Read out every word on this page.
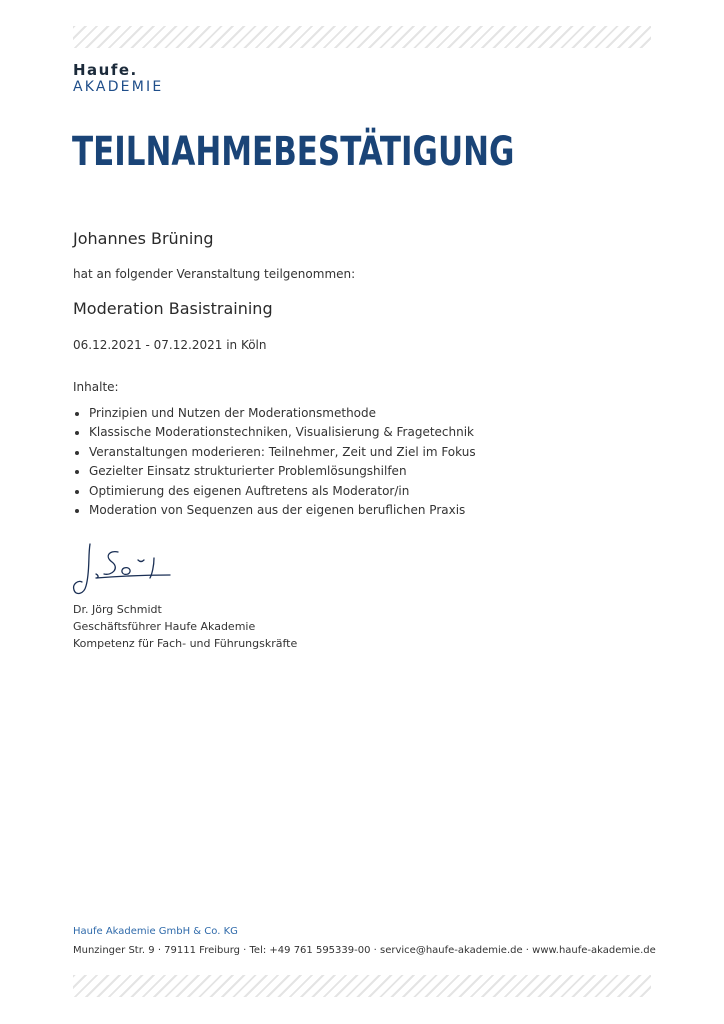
Haufe.
AKADEMIE
TEILNAHMEBESTÄTIGUNG
Johannes Brüning
hat an folgender Veranstaltung teilgenommen:
Moderation Basistraining
06.12.2021 - 07.12.2021 in Köln
Inhalte:
Prinzipien und Nutzen der Moderationsmethode
Klassische Moderationstechniken, Visualisierung & Fragetechnik
Veranstaltungen moderieren: Teilnehmer, Zeit und Ziel im Fokus
Gezielter Einsatz strukturierter Problemlösungshilfen
Optimierung des eigenen Auftretens als Moderator/in
Moderation von Sequenzen aus der eigenen beruflichen Praxis
Dr. Jörg Schmidt
Geschäftsführer Haufe Akademie
Kompetenz für Fach- und Führungskräfte
Haufe Akademie GmbH & Co. KG
Munzinger Str. 9 · 79111 Freiburg · Tel: +49 761 595339-00 · service@haufe-akademie.de · www.haufe-akademie.de
